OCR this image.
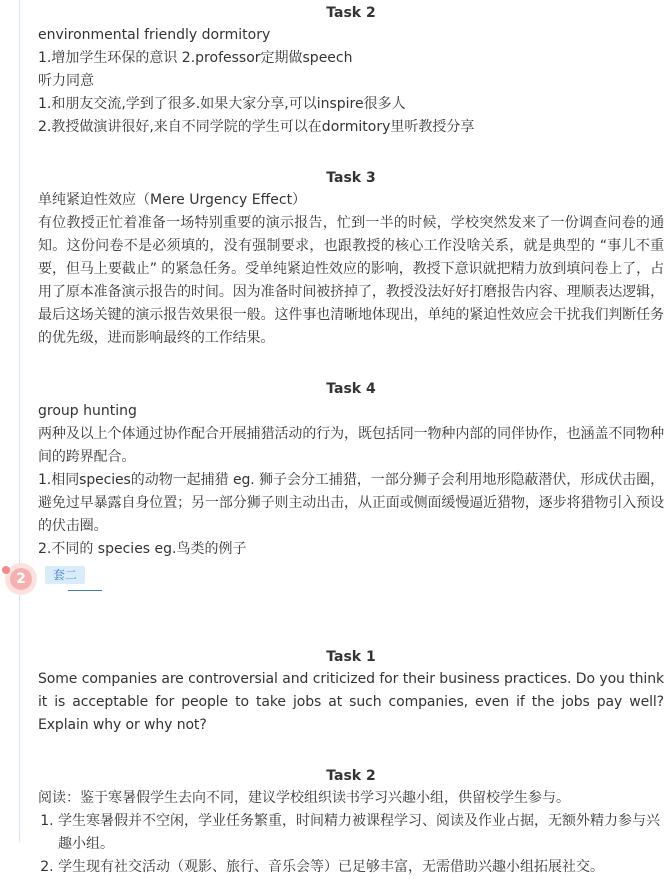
Task 2
environmental friendly dormitory
1.增加学生环保的意识 2.professor定期做speech
听力同意
1.和朋友交流,学到了很多.如果大家分享,可以inspire很多人
2.教授做演讲很好,来自不同学院的学生可以在dormitory里听教授分享
Task 3
单纯紧迫性效应（Mere Urgency Effect）
有位教授正忙着准备一场特别重要的演示报告，忙到一半的时候，学校突然发来了一份调查问卷的通知。这份问卷不是必须填的，没有强制要求，也跟教授的核心工作没啥关系，就是典型的 “事儿不重要，但马上要截止” 的紧急任务。受单纯紧迫性效应的影响，教授下意识就把精力放到填问卷上了，占用了原本准备演示报告的时间。因为准备时间被挤掉了，教授没法好好打磨报告内容、理顺表达逻辑，最后这场关键的演示报告效果很一般。这件事也清晰地体现出，单纯的紧迫性效应会干扰我们判断任务的优先级，进而影响最终的工作结果。
Task 4
group hunting
两种及以上个体通过协作配合开展捕猎活动的行为，既包括同一物种内部的同伴协作，也涵盖不同物种间的跨界配合。
1.相同species的动物一起捕猎 eg. 狮子会分工捕猎，一部分狮子会利用地形隐蔽潜伏，形成伏击圈，避免过早暴露自身位置；另一部分狮子则主动出击，从正面或侧面缓慢逼近猎物，逐步将猎物引入预设的伏击圈。
2.不同的 species eg.鸟类的例子
Task 1
Some companies are controversial and criticized for their business practices. Do you think it is acceptable for people to take jobs at such companies, even if the jobs pay well? Explain why or why not?
Task 2
阅读：鉴于寒暑假学生去向不同，建议学校组织读书学习兴趣小组，供留校学生参与。
1. 学生寒暑假并不空闲，学业任务繁重，时间精力被课程学习、阅读及作业占据，无额外精力参与兴趣小组。
2. 学生现有社交活动（观影、旅行、音乐会等）已足够丰富，无需借助兴趣小组拓展社交。
2	套二
